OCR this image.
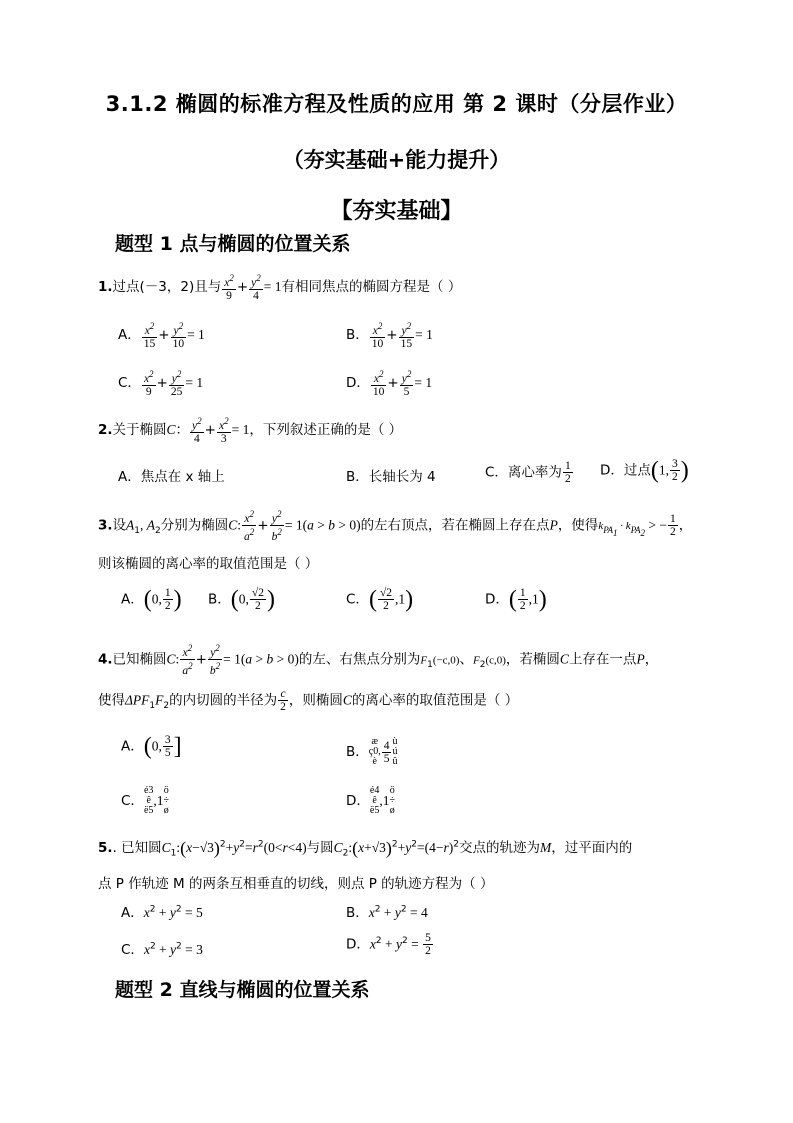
3.1.2 椭圆的标准方程及性质的应用 第 2 课时（分层作业）
（夯实基础+能力提升）
【夯实基础】
题型 1 点与椭圆的位置关系
1.过点(－3，2)且与 $\frac{x^2}{9} + \frac{y^2}{4} = 1$有相同焦点的椭圆方程是（ ）
A． $\frac{x^2}{15} + \frac{y^2}{10} = 1$	B． $\frac{x^2}{10} + \frac{y^2}{15} = 1$
C． $\frac{x^2}{9} + \frac{y^2}{25} = 1$	D． $\frac{x^2}{10} + \frac{y^2}{5} = 1$
2.关于椭圆C： $\frac{y^2}{4} + \frac{x^2}{3} = 1$，下列叙述正确的是（ ）
A．焦点在 x 轴上	B．长轴长为 4	C．离心率为 $\frac{1}{2}$ D．过点(1, $\frac{3}{2}$ )
3.设$A_1$, $A_2$分别为椭圆C: $\frac{x^2}{a^2} + \frac{y^2}{b^2} = 1(a > b > 0)$的左右顶点，若在椭圆上存在点P，使得$k_{PA_1} \cdot k_{PA_2}$ > − $\frac{1}{2}$ ，
则该椭圆的离心率的取值范围是（ ）
A．(0, $\frac{1}{2}$ ) B．(0, $\frac{√2}{2}$ )	C．( $\frac{√2}{2} ,1$)	D．( $\frac{1}{2} ,1$)
4.已知椭圆C: $\frac{x^2}{a^2} + \frac{y^2}{b^2} = 1(a > b > 0)$的左、右焦点分别为$F_1(-c,0)$、$F_2(c,0)$，若椭圆C上存在一点P，
使得$\Delta PF_1F_2$的内切圆的半径为 $\frac{c}{2}$ ，则椭圆C的离心率的取值范围是（ ）
A．(0, $\frac{3}{5}$ ]	B．æ
ç0,
è $\frac{4}{5}$ ù
ú
û
C．é3
ê
ë5,1ö
÷
ø
D．é4
ê
ë5,1ö
÷
ø
5.. 已知圆$C_1:(x-√3)^2+y^2=r^2(0<r<4)$与圆$C_2:(x+√3)^2+y^2=(4-r)^2$交点的轨迹为M，过平面内的
点 P 作轨迹 M 的两条互相垂直的切线，则点 P 的轨迹方程为（ ）
A．$x^2 + y^2 = 5$	B．$x^2 + y^2 = 4$
C．$x^2 + y^2 = 3$	D．$x^2 + y^2 = \frac{5}{2}$
题型 2 直线与椭圆的位置关系
